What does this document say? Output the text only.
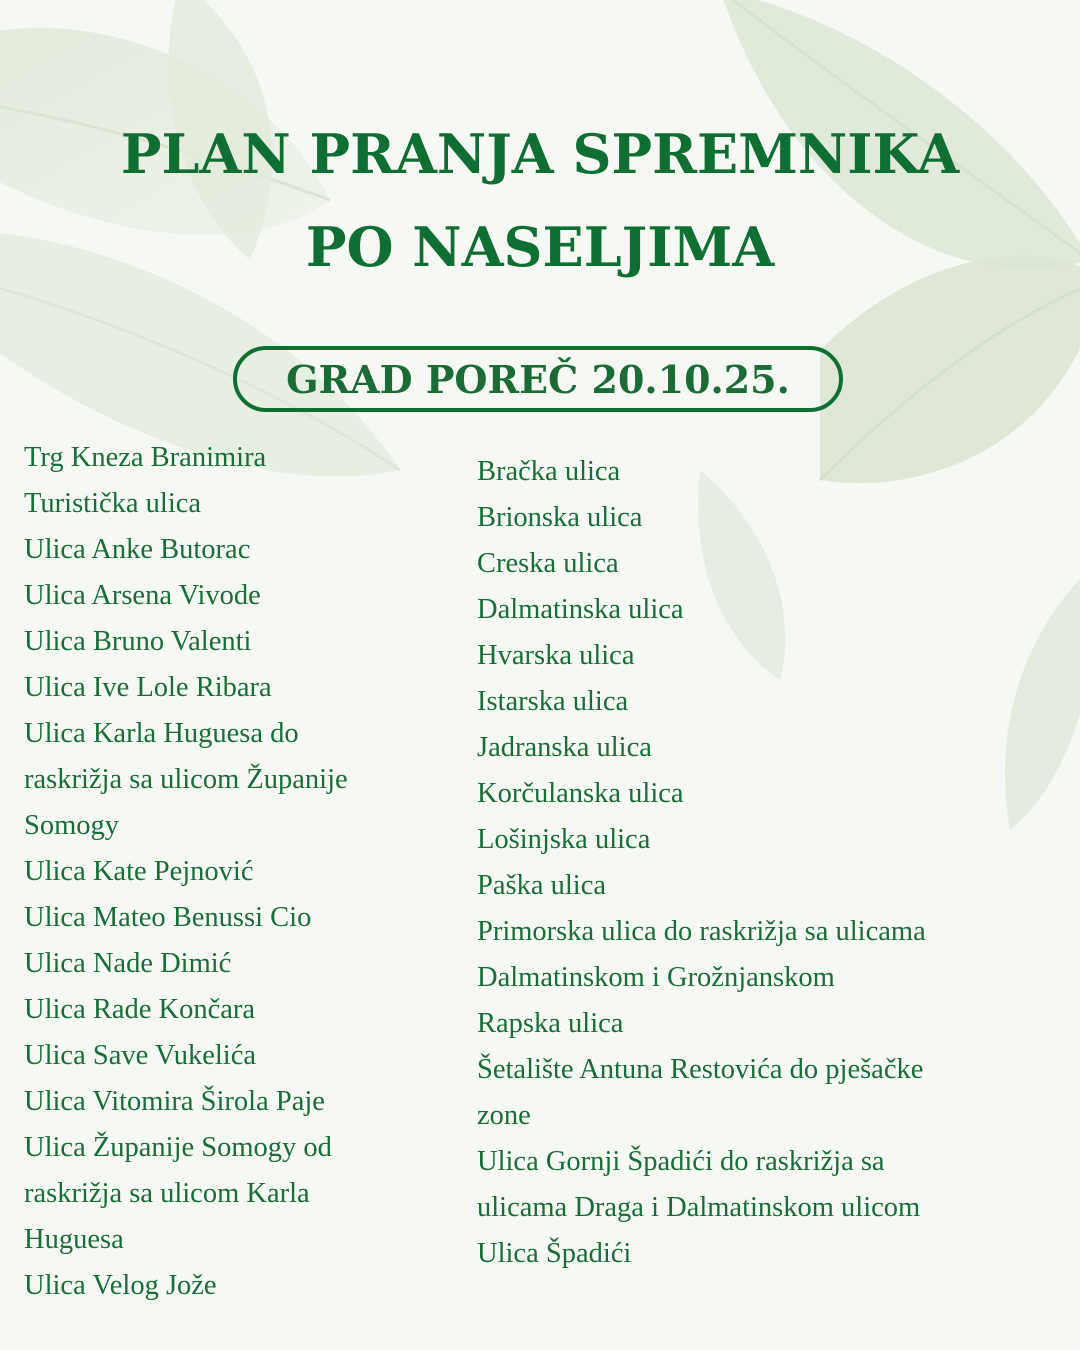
PLAN PRANJA SPREMNIKA
PO NASELJIMA
GRAD POREČ 20.10.25.
Trg Kneza Branimira
Turistička ulica
Ulica Anke Butorac
Ulica Arsena Vivode
Ulica Bruno Valenti
Ulica Ive Lole Ribara
Ulica Karla Huguesa do
raskrižja sa ulicom Županije
Somogy
Ulica Kate Pejnović
Ulica Mateo Benussi Cio
Ulica Nade Dimić
Ulica Rade Končara
Ulica Save Vukelića
Ulica Vitomira Širola Paje
Ulica Županije Somogy od
raskrižja sa ulicom Karla
Huguesa
Ulica Velog Jože
Bračka ulica
Brionska ulica
Creska ulica
Dalmatinska ulica
Hvarska ulica
Istarska ulica
Jadranska ulica
Korčulanska ulica
Lošinjska ulica
Paška ulica
Primorska ulica do raskrižja sa ulicama
Dalmatinskom i Grožnjanskom
Rapska ulica
Šetalište Antuna Restovića do pješačke
zone
Ulica Gornji Špadići do raskrižja sa
ulicama Draga i Dalmatinskom ulicom
Ulica Špadići
